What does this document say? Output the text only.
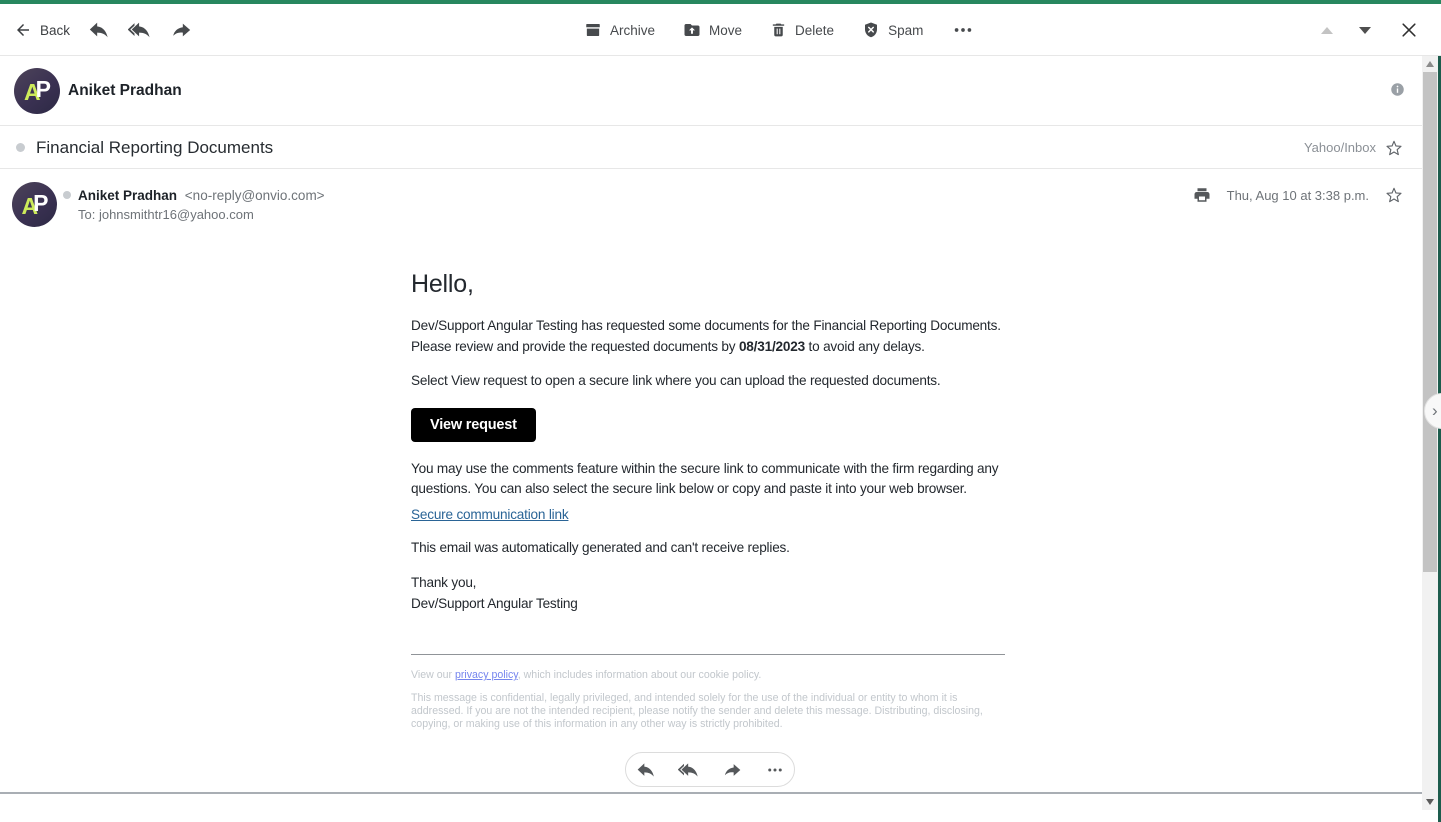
Back	Archive	Move	Delete	Spam
A
P Aniket Pradhan
Financial Reporting Documents	Yahoo/Inbox
A
P Aniket Pradhan <no-reply@onvio.com>
To: johnsmithtr16@yahoo.com
Thu, Aug 10 at 3:38 p.m.
Hello,

Dev/Support Angular Testing has requested some documents for the Financial Reporting Documents. Please review and provide the requested documents by 08/31/2023 to avoid any delays.

Select View request to open a secure link where you can upload the requested documents.

View request

You may use the comments feature within the secure link to communicate with the firm regarding any questions. You can also select the secure link below or copy and paste it into your web browser.

Secure communication link

This email was automatically generated and can't receive replies.

Thank you,
Dev/Support Angular Testing
View our privacy policy, which includes information about our cookie policy.
This message is confidential, legally privileged, and intended solely for the use of the individual or entity to whom it is addressed. If you are not the intended recipient, please notify the sender and delete this message. Distributing, disclosing, copying, or making use of this information in any other way is strictly prohibited.
›
